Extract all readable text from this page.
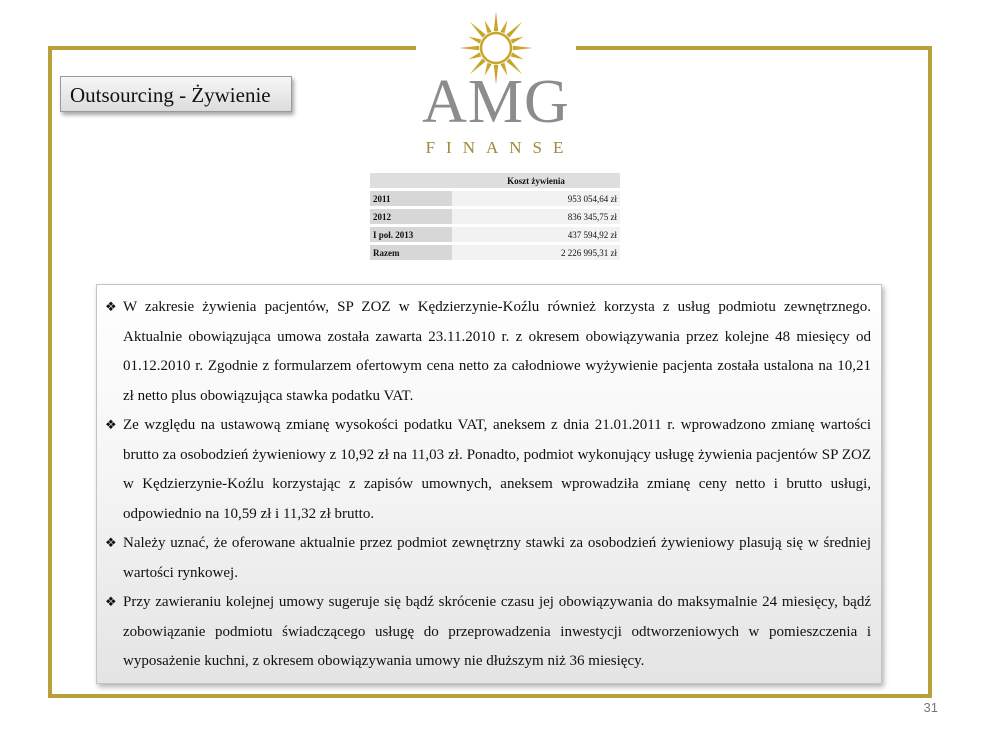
AMG
FINANSE
Outsourcing - Żywienie
	Koszt żywienia
2011	953 054,64 zł
2012	836 345,75 zł
I poł. 2013	437 594,92 zł
Razem	2 226 995,31 zł

❖ W zakresie żywienia pacjentów, SP ZOZ w Kędzierzynie-Koźlu również korzysta z usług podmiotu zewnętrznego. Aktualnie obowiązująca umowa została zawarta 23.11.2010 r. z okresem obowiązywania przez kolejne 48 miesięcy od 01.12.2010 r. Zgodnie z formularzem ofertowym cena netto za całodniowe wyżywienie pacjenta została ustalona na 10,21 zł netto plus obowiązująca stawka podatku VAT.

❖ Ze względu na ustawową zmianę wysokości podatku VAT, aneksem z dnia 21.01.2011 r. wprowadzono zmianę wartości brutto za osobodzień żywieniowy z 10,92 zł na 11,03 zł. Ponadto, podmiot wykonujący usługę żywienia pacjentów SP ZOZ w Kędzierzynie-Koźlu korzystając z zapisów umownych, aneksem wprowadziła zmianę ceny netto i brutto usługi, odpowiednio na 10,59 zł i 11,32 zł brutto.

❖ Należy uznać, że oferowane aktualnie przez podmiot zewnętrzny stawki za osobodzień żywieniowy plasują się w średniej wartości rynkowej.

❖ Przy zawieraniu kolejnej umowy sugeruje się bądź skrócenie czasu jej obowiązywania do maksymalnie 24 miesięcy, bądź zobowiązanie podmiotu świadczącego usługę do przeprowadzenia inwestycji odtworzeniowych w pomieszczenia i wyposażenie kuchni, z okresem obowiązywania umowy nie dłuższym niż 36 miesięcy.

31
